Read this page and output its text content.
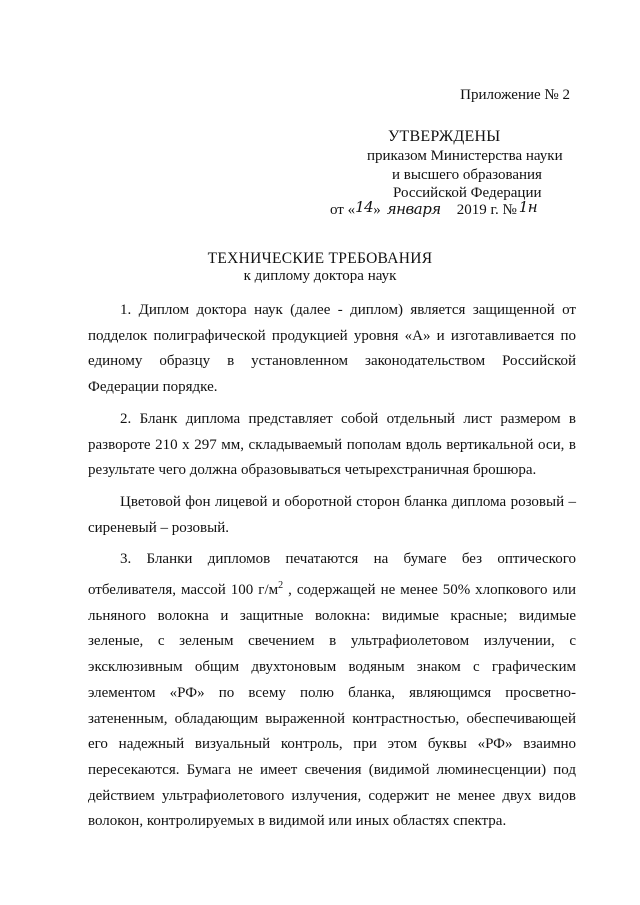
Приложение № 2

УТВЕРЖДЕНЫ
приказом Министерства науки
и высшего образования
Российской Федерации
от «14» января 2019 г. № 1н
ТЕХНИЧЕСКИЕ ТРЕБОВАНИЯ

к диплому доктора наук

1. Диплом доктора наук (далее - диплом) является защищенной от подделок полиграфической продукцией уровня «А» и изготавливается по единому образцу в установленном законодательством Российской Федерации порядке.

2. Бланк диплома представляет собой отдельный лист размером в развороте 210 х 297 мм, складываемый пополам вдоль вертикальной оси, в результате чего должна образовываться четырехстраничная брошюра.

Цветовой фон лицевой и оборотной сторон бланка диплома розовый – сиреневый – розовый.

3. Бланки дипломов печатаются на бумаге без оптического отбеливателя, массой 100 $г/м^2$ , содержащей не менее 50% хлопкового или льняного волокна и защитные волокна: видимые красные; видимые зеленые, с зеленым свечением в ультрафиолетовом излучении, с эксклюзивным общим двухтоновым водяным знаком с графическим элементом «РФ» по всему полю бланка, являющимся просветно-затененным, обладающим выраженной контрастностью, обеспечивающей его надежный визуальный контроль, при этом буквы «РФ» взаимно пересекаются. Бумага не имеет свечения (видимой люминесценции) под действием ультрафиолетового излучения, содержит не менее двух видов волокон, контролируемых в видимой или иных областях спектра.
